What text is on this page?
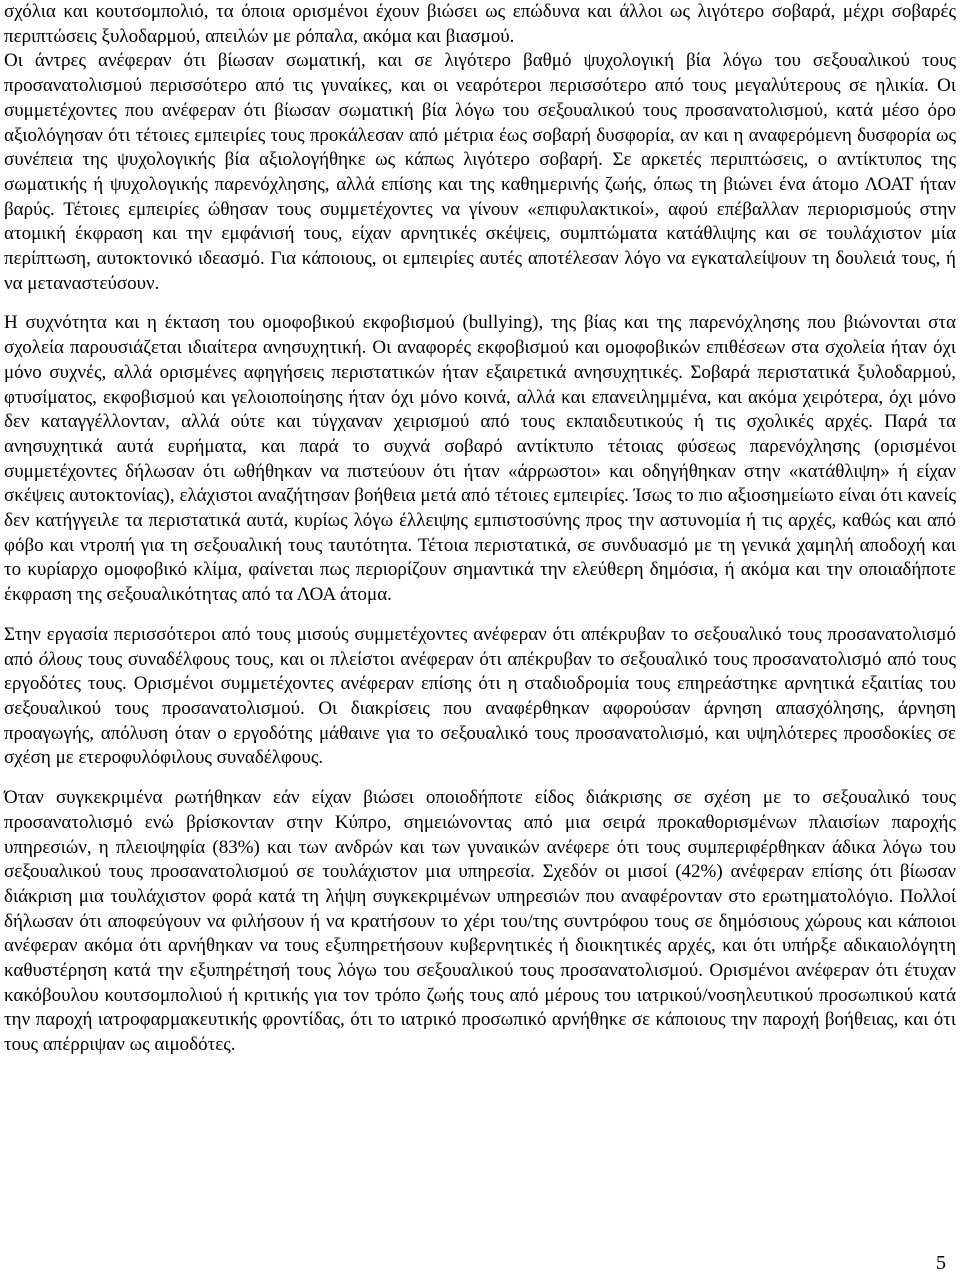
σχόλια και κουτσομπολιό, τα όποια ορισμένοι έχουν βιώσει ως επώδυνα και άλλοι ως λιγότερο σοβαρά, μέχρι σοβαρές περιπτώσεις ξυλοδαρμού, απειλών με ρόπαλα, ακόμα και βιασμού.

Οι άντρες ανέφεραν ότι βίωσαν σωματική, και σε λιγότερο βαθμό ψυχολογική βία λόγω του σεξουαλικού τους προσανατολισμού περισσότερο από τις γυναίκες, και οι νεαρότεροι περισσότερο από τους μεγαλύτερους σε ηλικία. Οι συμμετέχοντες που ανέφεραν ότι βίωσαν σωματική βία λόγω του σεξουαλικού τους προσανατολισμού, κατά μέσο όρο αξιολόγησαν ότι τέτοιες εμπειρίες τους προκάλεσαν από μέτρια έως σοβαρή δυσφορία, αν και η αναφερόμενη δυσφορία ως συνέπεια της ψυχολογικής βία αξιολογήθηκε ως κάπως λιγότερο σοβαρή. Σε αρκετές περιπτώσεις, ο αντίκτυπος της σωματικής ή ψυχολογικής παρενόχλησης, αλλά επίσης και της καθημερινής ζωής, όπως τη βιώνει ένα άτομο ΛΟΑΤ ήταν βαρύς. Τέτοιες εμπειρίες ώθησαν τους συμμετέχοντες να γίνουν «επιφυλακτικοί», αφού επέβαλλαν περιορισμούς στην ατομική έκφραση και την εμφάνισή τους, είχαν αρνητικές σκέψεις, συμπτώματα κατάθλιψης και σε τουλάχιστον μία περίπτωση, αυτοκτονικό ιδεασμό. Για κάποιους, οι εμπειρίες αυτές αποτέλεσαν λόγο να εγκαταλείψουν τη δουλειά τους, ή να μεταναστεύσουν.

Η συχνότητα και η έκταση του ομοφοβικού εκφοβισμού (bullying), της βίας και της παρενόχλησης που βιώνονται στα σχολεία παρουσιάζεται ιδιαίτερα ανησυχητική. Οι αναφορές εκφοβισμού και ομοφοβικών επιθέσεων στα σχολεία ήταν όχι μόνο συχνές, αλλά ορισμένες αφηγήσεις περιστατικών ήταν εξαιρετικά ανησυχητικές. Σοβαρά περιστατικά ξυλοδαρμού, φτυσίματος, εκφοβισμού και γελοιοποίησης ήταν όχι μόνο κοινά, αλλά και επανειλημμένα, και ακόμα χειρότερα, όχι μόνο δεν καταγγέλλονταν, αλλά ούτε και τύγχαναν χειρισμού από τους εκπαιδευτικούς ή τις σχολικές αρχές. Παρά τα ανησυχητικά αυτά ευρήματα, και παρά το συχνά σοβαρό αντίκτυπο τέτοιας φύσεως παρενόχλησης (ορισμένοι συμμετέχοντες δήλωσαν ότι ωθήθηκαν να πιστεύουν ότι ήταν «άρρωστοι» και οδηγήθηκαν στην «κατάθλιψη» ή είχαν σκέψεις αυτοκτονίας), ελάχιστοι αναζήτησαν βοήθεια μετά από τέτοιες εμπειρίες. Ίσως το πιο αξιοσημείωτο είναι ότι κανείς δεν κατήγγειλε τα περιστατικά αυτά, κυρίως λόγω έλλειψης εμπιστοσύνης προς την αστυνομία ή τις αρχές, καθώς και από φόβο και ντροπή για τη σεξουαλική τους ταυτότητα. Τέτοια περιστατικά, σε συνδυασμό με τη γενικά χαμηλή αποδοχή και το κυρίαρχο ομοφοβικό κλίμα, φαίνεται πως περιορίζουν σημαντικά την ελεύθερη δημόσια, ή ακόμα και την οποιαδήποτε έκφραση της σεξουαλικότητας από τα ΛΟΑ άτομα.

Στην εργασία περισσότεροι από τους μισούς συμμετέχοντες ανέφεραν ότι απέκρυβαν το σεξουαλικό τους προσανατολισμό από όλους τους συναδέλφους τους, και οι πλείστοι ανέφεραν ότι απέκρυβαν το σεξουαλικό τους προσανατολισμό από τους εργοδότες τους. Ορισμένοι συμμετέχοντες ανέφεραν επίσης ότι η σταδιοδρομία τους επηρεάστηκε αρνητικά εξαιτίας του σεξουαλικού τους προσανατολισμού. Οι διακρίσεις που αναφέρθηκαν αφορούσαν άρνηση απασχόλησης, άρνηση προαγωγής, απόλυση όταν ο εργοδότης μάθαινε για το σεξουαλικό τους προσανατολισμό, και υψηλότερες προσδοκίες σε σχέση με ετεροφυλόφιλους συναδέλφους.

Όταν συγκεκριμένα ρωτήθηκαν εάν είχαν βιώσει οποιοδήποτε είδος διάκρισης σε σχέση με το σεξουαλικό τους προσανατολισμό ενώ βρίσκονταν στην Κύπρο, σημειώνοντας από μια σειρά προκαθορισμένων πλαισίων παροχής υπηρεσιών, η πλειοψηφία (83%) και των ανδρών και των γυναικών ανέφερε ότι τους συμπεριφέρθηκαν άδικα λόγω του σεξουαλικού τους προσανατολισμού σε τουλάχιστον μια υπηρεσία. Σχεδόν οι μισοί (42%) ανέφεραν επίσης ότι βίωσαν διάκριση μια τουλάχιστον φορά κατά τη λήψη συγκεκριμένων υπηρεσιών που αναφέρονταν στο ερωτηματολόγιο. Πολλοί δήλωσαν ότι αποφεύγουν να φιλήσουν ή να κρατήσουν το χέρι του/της συντρόφου τους σε δημόσιους χώρους και κάποιοι ανέφεραν ακόμα ότι αρνήθηκαν να τους εξυπηρετήσουν κυβερνητικές ή διοικητικές αρχές, και ότι υπήρξε αδικαιολόγητη καθυστέρηση κατά την εξυπηρέτησή τους λόγω του σεξουαλικού τους προσανατολισμού. Ορισμένοι ανέφεραν ότι έτυχαν κακόβουλου κουτσομπολιού ή κριτικής για τον τρόπο ζωής τους από μέρους του ιατρικού/νοσηλευτικού προσωπικού κατά την παροχή ιατροφαρμακευτικής φροντίδας, ότι το ιατρικό προσωπικό αρνήθηκε σε κάποιους την παροχή βοήθειας, και ότι τους απέρριψαν ως αιμοδότες.

5
